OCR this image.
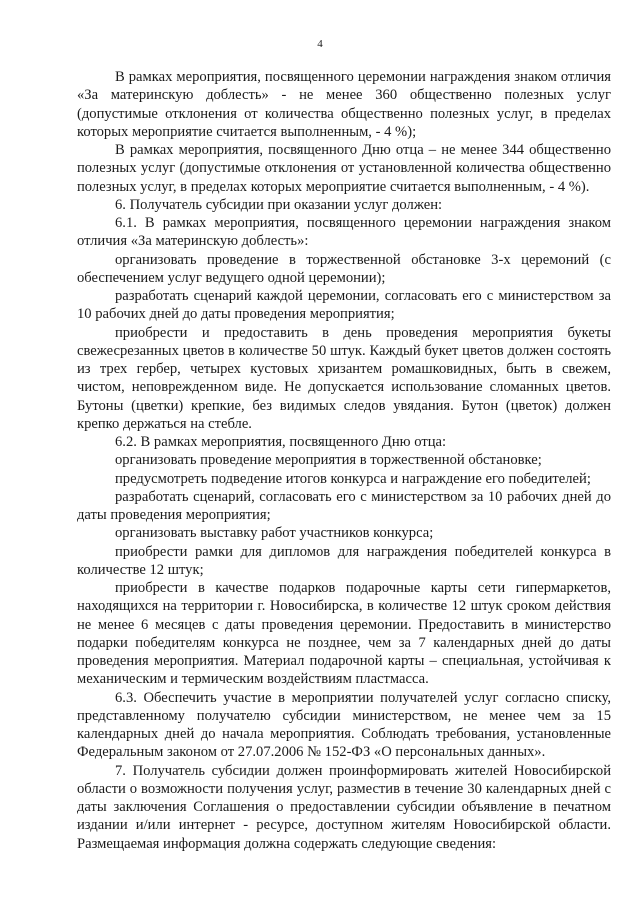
4

В рамках мероприятия, посвященного церемонии награждения знаком отличия «За материнскую доблесть» - не менее 360 общественно полезных услуг (допустимые отклонения от количества общественно полезных услуг, в пределах которых мероприятие считается выполненным, - 4 %);

В рамках мероприятия, посвященного Дню отца – не менее 344 общественно полезных услуг (допустимые отклонения от установленной количества общественно полезных услуг, в пределах которых мероприятие считается выполненным, - 4 %).

6. Получатель субсидии при оказании услуг должен:

6.1. В рамках мероприятия, посвященного церемонии награждения знаком отличия «За материнскую доблесть»:

организовать проведение в торжественной обстановке 3-х церемоний (с обеспечением услуг ведущего одной церемонии);

разработать сценарий каждой церемонии, согласовать его с министерством за 10 рабочих дней до даты проведения мероприятия;

приобрести и предоставить в день проведения мероприятия букеты свежесрезанных цветов в количестве 50 штук. Каждый букет цветов должен состоять из трех гербер, четырех кустовых хризантем ромашковидных, быть в свежем, чистом, неповрежденном виде. Не допускается использование сломанных цветов. Бутоны (цветки) крепкие, без видимых следов увядания. Бутон (цветок) должен крепко держаться на стебле.

6.2. В рамках мероприятия, посвященного Дню отца:

организовать проведение мероприятия в торжественной обстановке;

предусмотреть подведение итогов конкурса и награждение его победителей;

разработать сценарий, согласовать его с министерством за 10 рабочих дней до даты проведения мероприятия;

организовать выставку работ участников конкурса;

приобрести рамки для дипломов для награждения победителей конкурса в количестве 12 штук;

приобрести в качестве подарков подарочные карты сети гипермаркетов, находящихся на территории г. Новосибирска, в количестве 12 штук сроком действия не менее 6 месяцев с даты проведения церемонии. Предоставить в министерство подарки победителям конкурса не позднее, чем за 7 календарных дней до даты проведения мероприятия. Материал подарочной карты – специальная, устойчивая к механическим и термическим воздействиям пластмасса.

6.3. Обеспечить участие в мероприятии получателей услуг согласно списку, представленному получателю субсидии министерством, не менее чем за 15 календарных дней до начала мероприятия. Соблюдать требования, установленные Федеральным законом от 27.07.2006 № 152-ФЗ «О персональных данных».

7. Получатель субсидии должен проинформировать жителей Новосибирской области о возможности получения услуг, разместив в течение 30 календарных дней с даты заключения Соглашения о предоставлении субсидии объявление в печатном издании и/или интернет - ресурсе, доступном жителям Новосибирской области. Размещаемая информация должна содержать следующие сведения:
